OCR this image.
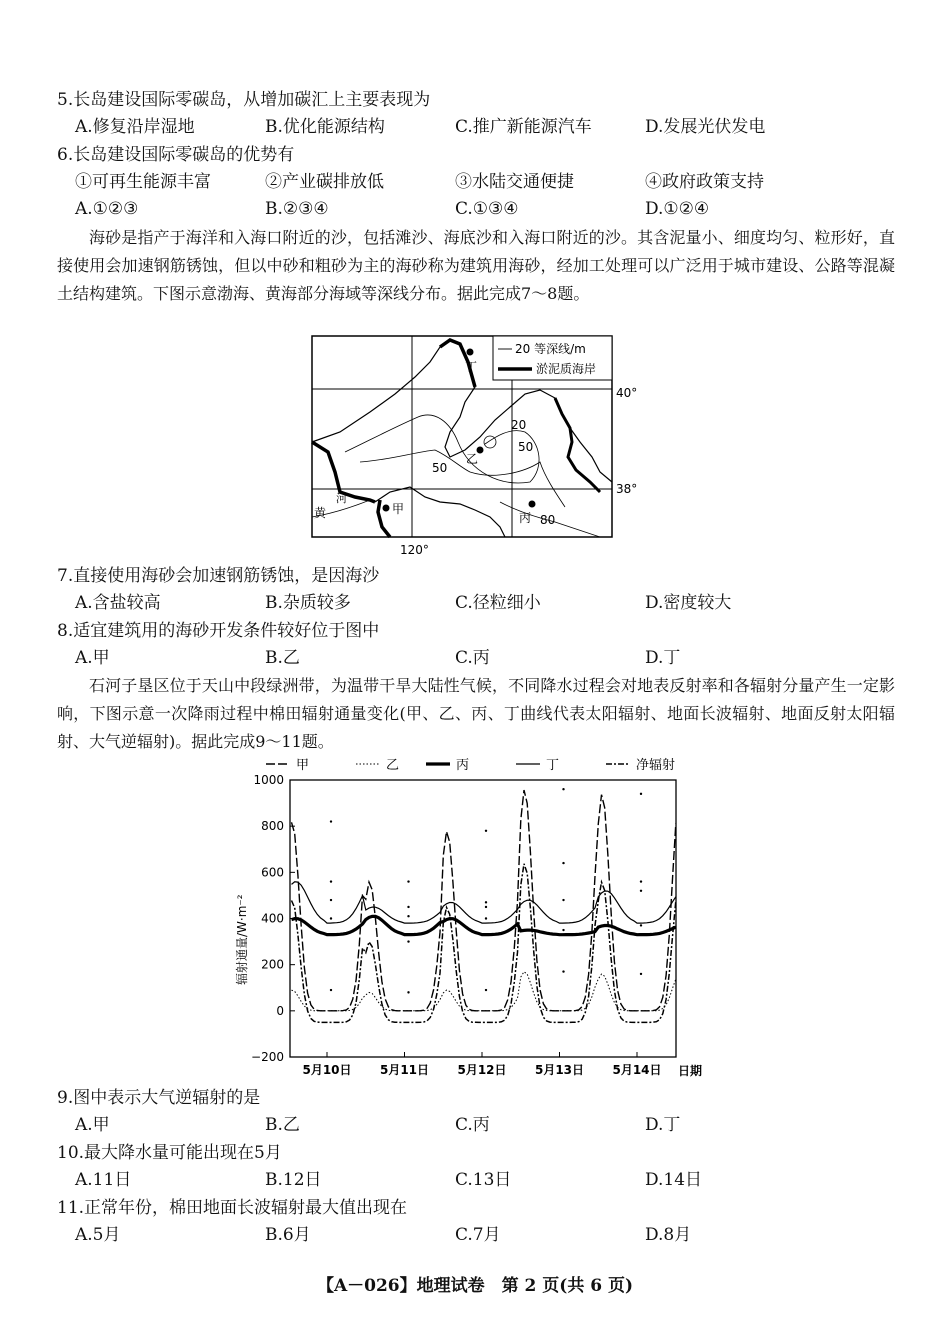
5.长岛建设国际零碳岛，从增加碳汇上主要表现为
A.修复沿岸湿地	B.优化能源结构	C.推广新能源汽车	D.发展光伏发电
6.长岛建设国际零碳岛的优势有
①可再生能源丰富	②产业碳排放低	③水陆交通便捷	④政府政策支持
A.①②③	B.②③④	C.①③④	D.①②④
海砂是指产于海洋和入海口附近的沙，包括滩沙、海底沙和入海口附近的沙。其含泥量小、细度均匀、粒形好，直接使用会加速钢筋锈蚀，但以中砂和粗砂为主的海砂称为建筑用海砂，经加工处理可以广泛用于城市建设、公路等混凝土结构建筑。下图示意渤海、黄海部分海域等深线分布。据此完成7～8题。
20 等深线/m
淤泥质海岸
丁
乙
甲
丙
20
50
50
80
黄
河
40°
38°
120°
7.直接使用海砂会加速钢筋锈蚀，是因海沙
A.含盐较高	B.杂质较多	C.径粒细小	D.密度较大
8.适宜建筑用的海砂开发条件较好位于图中
A.甲	B.乙	C.丙	D.丁
石河子垦区位于天山中段绿洲带，为温带干旱大陆性气候，不同降水过程会对地表反射率和各辐射分量产生一定影响，下图示意一次降雨过程中棉田辐射通量变化(甲、乙、丙、丁曲线代表太阳辐射、地面长波辐射、地面反射太阳辐射、大气逆辐射)。据此完成9～11题。
甲	乙	丙	丁	净辐射
1000
800
600
400
200
0
−200
5月10日 5月11日 5月12日 5月13日 5月14日
辐射通量/W·m⁻²
日期
9.图中表示大气逆辐射的是
A.甲	B.乙	C.丙	D.丁
10.最大降水量可能出现在5月
A.11日	B.12日	C.13日	D.14日
11.正常年份，棉田地面长波辐射最大值出现在
A.5月	B.6月	C.7月	D.8月
【A－026】地理试卷　第 2 页(共 6 页)
